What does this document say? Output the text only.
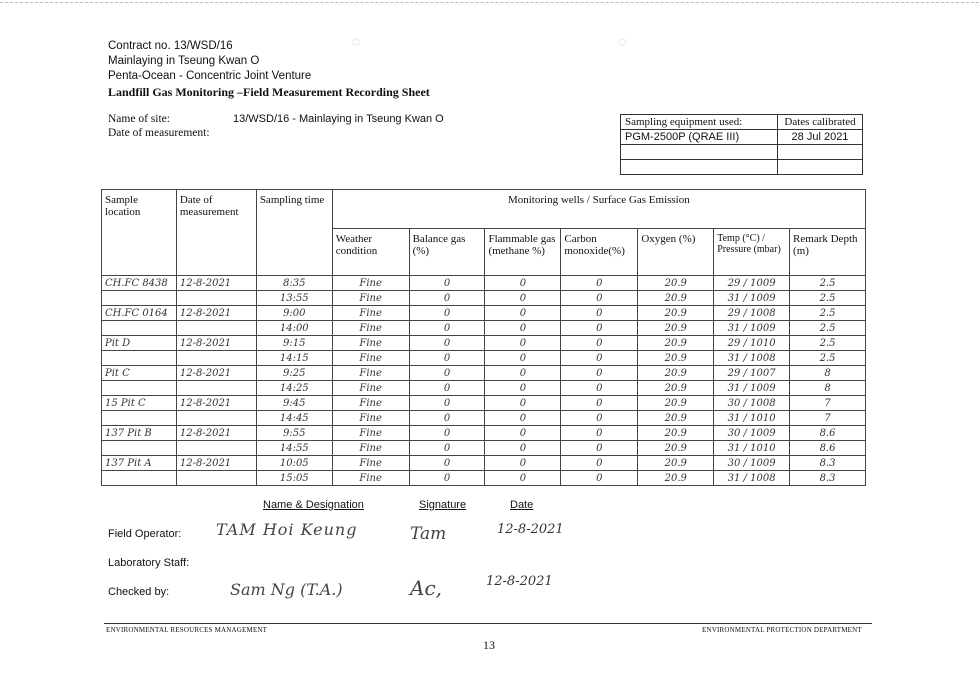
◌	◌
Contract no. 13/WSD/16
Mainlaying in Tseung Kwan O
Penta-Ocean - Concentric Joint Venture
Landfill Gas Monitoring –Field Measurement Recording Sheet
Name of site:	13/WSD/16 - Mainlaying in Tseung Kwan O
Date of measurement:
Sampling equipment used:	Dates calibrated
PGM-2500P (QRAE III)	28 Jul 2021

Sample location	Date of measurement	Sampling time	Monitoring wells / Surface Gas Emission						
			Weather condition	Balance gas (%)	Flammable gas (methane %)	Carbon monoxide(%)	Oxygen (%)	Temp (°C) / Pressure (mbar)	Remark Depth (m)
CH.FC 8438	12-8-2021	8:35	Fine	0	0	0	20.9	29 / 1009	2.5
		13:55	Fine	0	0	0	20.9	31 / 1009	2.5
CH.FC 0164	12-8-2021	9:00	Fine	0	0	0	20.9	29 / 1008	2.5
		14:00	Fine	0	0	0	20.9	31 / 1009	2.5
Pit D	12-8-2021	9:15	Fine	0	0	0	20.9	29 / 1010	2.5
		14:15	Fine	0	0	0	20.9	31 / 1008	2.5
Pit C	12-8-2021	9:25	Fine	0	0	0	20.9	29 / 1007	8
		14:25	Fine	0	0	0	20.9	31 / 1009	8
15 Pit C	12-8-2021	9:45	Fine	0	0	0	20.9	30 / 1008	7
		14:45	Fine	0	0	0	20.9	31 / 1010	7
137 Pit B	12-8-2021	9:55	Fine	0	0	0	20.9	30 / 1009	8.6
		14:55	Fine	0	0	0	20.9	31 / 1010	8.6
137 Pit A	12-8-2021	10:05	Fine	0	0	0	20.9	30 / 1009	8.3
		15:05	Fine	0	0	0	20.9	31 / 1008	8.3
Name & Designation	Signature	Date
Field Operator: TAM Hoi Keung	Tam	12-8-2021
Laboratory Staff:
Checked by:	Sam Ng (T.A.)	Ac,	12-8-2021
ENVIRONMENTAL RESOURCES MANAGEMENT	ENVIRONMENTAL PROTECTION DEPARTMENT
13
